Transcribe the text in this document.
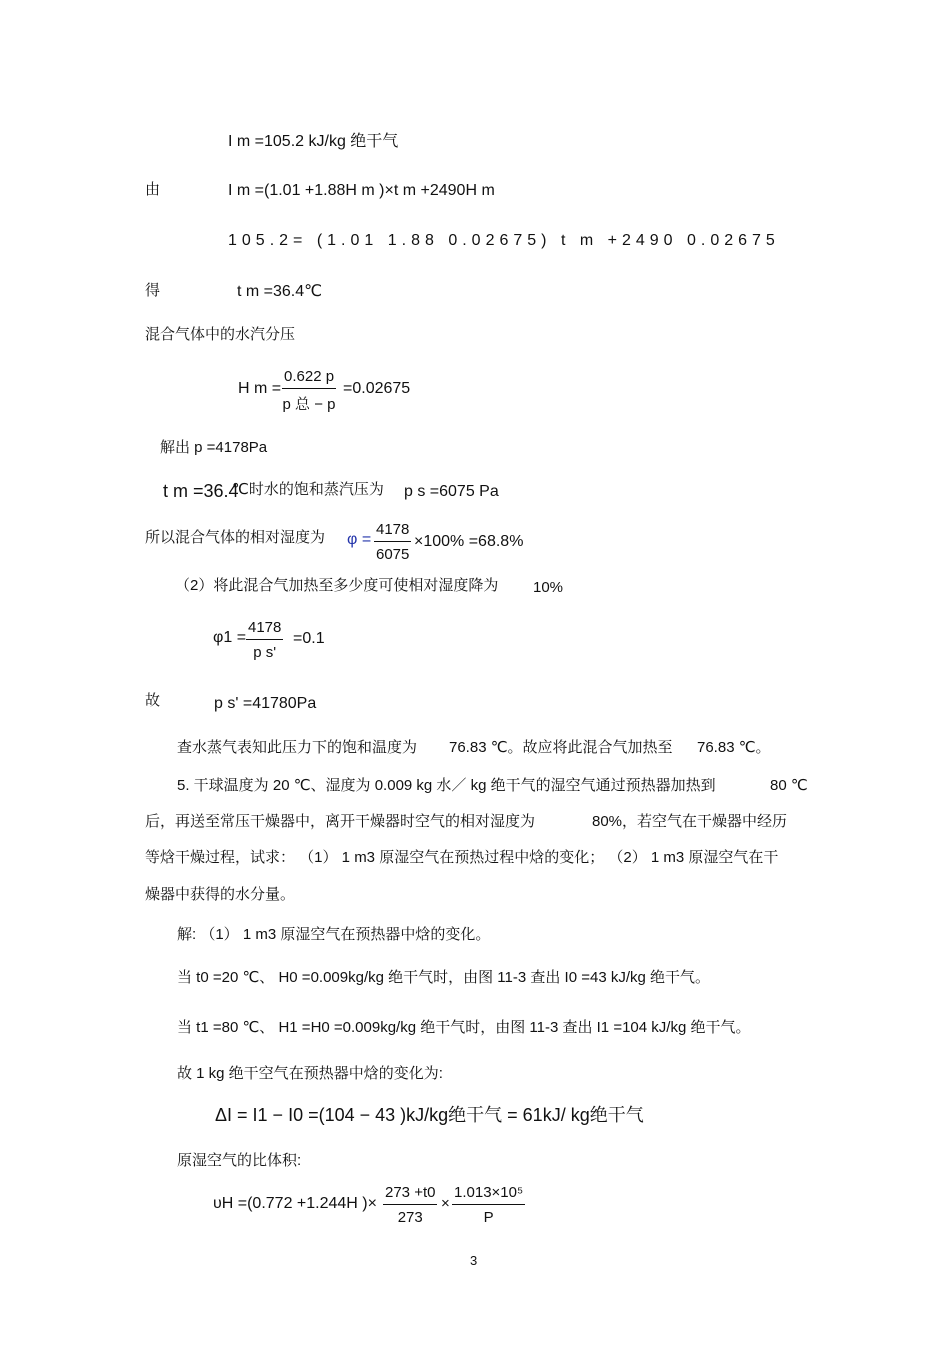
I m =105.2 kJ/kg 绝干气
由	I m =(1.01 +1.88H m )×t m +2490H m
105.2= (1.01 1.88 0.02675) t m +2490 0.02675
得	t m =36.4℃
混合气体中的水汽分压
H m =
0.622 p
p 总 − p
=0.02675
解出 p =4178Pa
t m =36.4
℃时水的饱和蒸汽压为 p s =6075 Pa
所以混合气体的相对湿度为 $\varphi = \frac{4178}{6075} \times 100\% =68.8\%$
（2）将此混合气加热至多少度可使相对湿度降为 10%
$\varphi 1 = \frac{4178}{\text{p s'}} =0.1$
故	p s' =41780Pa
查水蒸气表知此压力下的饱和温度为 76.83 ℃。故应将此混合气加热至 76.83 ℃。
5. 干球温度为 20 ℃、湿度为 0.009 kg 水／ kg 绝干气的湿空气通过预热器加热到	80 ℃
后，再送至常压干燥器中，离开干燥器时空气的相对湿度为	80%，若空气在干燥器中经历
等焓干燥过程，试求： （1） 1 m3 原湿空气在预热过程中焓的变化； （2） 1 m3 原湿空气在干
燥器中获得的水分量。
解: （1） 1 m3 原湿空气在预热器中焓的变化。
当 t0 =20 ℃、 H0 =0.009kg/kg 绝干气时，由图 11-3 查出 I0 =43 kJ/kg 绝干气。
当 t1 =80 ℃、 H1 =H0 =0.009kg/kg 绝干气时，由图 11-3 查出 I1 =104 kJ/kg 绝干气。
故 1 kg 绝干空气在预热器中焓的变化为:
ΔI = I1 − I0 =(104 − 43 )kJ/kg绝干气 = 61kJ/ kg绝干气
原湿空气的比体积:
υH =(0.772 +1.244H )× $\frac{273 +t0}{273} \times \frac{\text{1.013×10⁵}}{P}$
3
